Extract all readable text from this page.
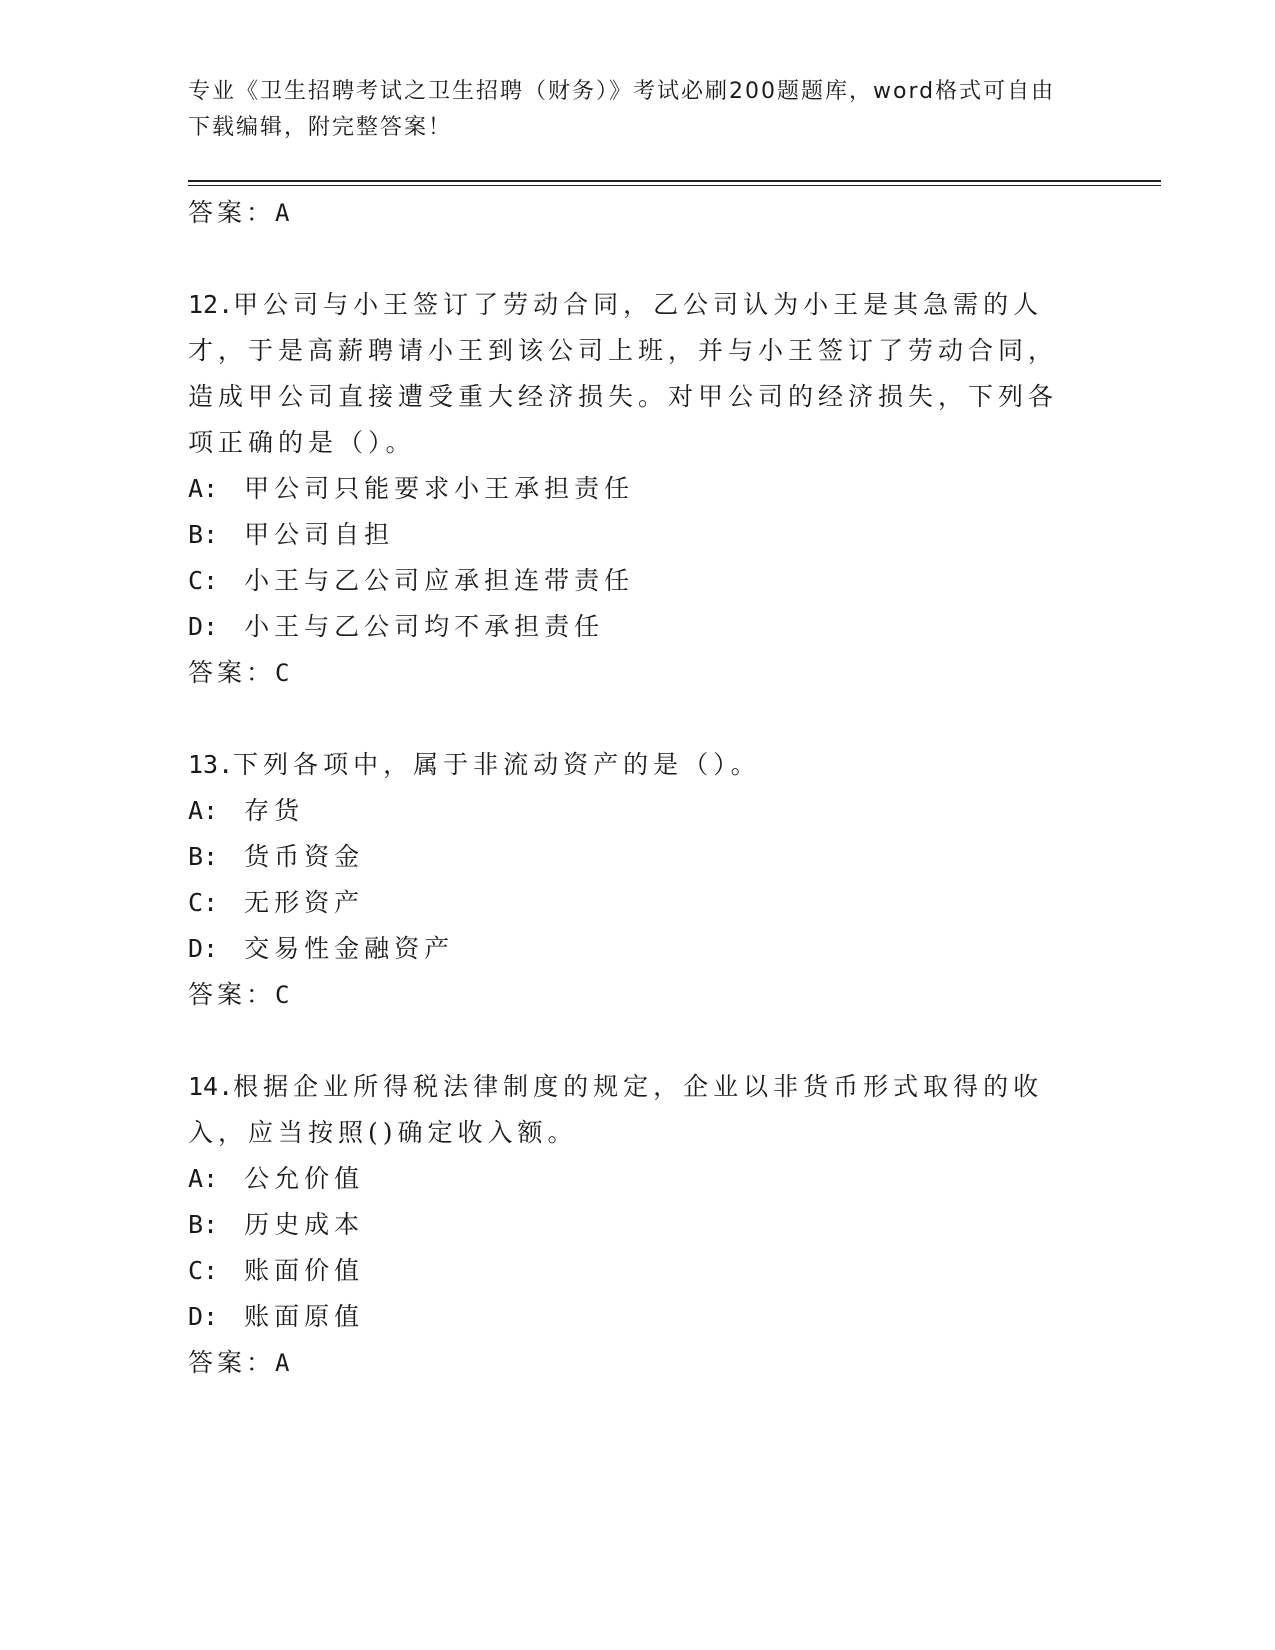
专业《卫生招聘考试之卫生招聘（财务）》考试必刷200题题库，word格式可自由下载编辑，附完整答案！
答案：A

12.甲公司与小王签订了劳动合同，乙公司认为小王是其急需的人才，于是高薪聘请小王到该公司上班，并与小王签订了劳动合同，造成甲公司直接遭受重大经济损失。对甲公司的经济损失，下列各项正确的是（）。

A: 甲公司只能要求小王承担责任

B: 甲公司自担

C: 小王与乙公司应承担连带责任

D: 小王与乙公司均不承担责任

答案：C

13.下列各项中，属于非流动资产的是（）。

A: 存货

B: 货币资金

C: 无形资产

D: 交易性金融资产

答案：C

14.根据企业所得税法律制度的规定，企业以非货币形式取得的收入，应当按照()确定收入额。

A: 公允价值

B: 历史成本

C: 账面价值

D: 账面原值

答案：A
